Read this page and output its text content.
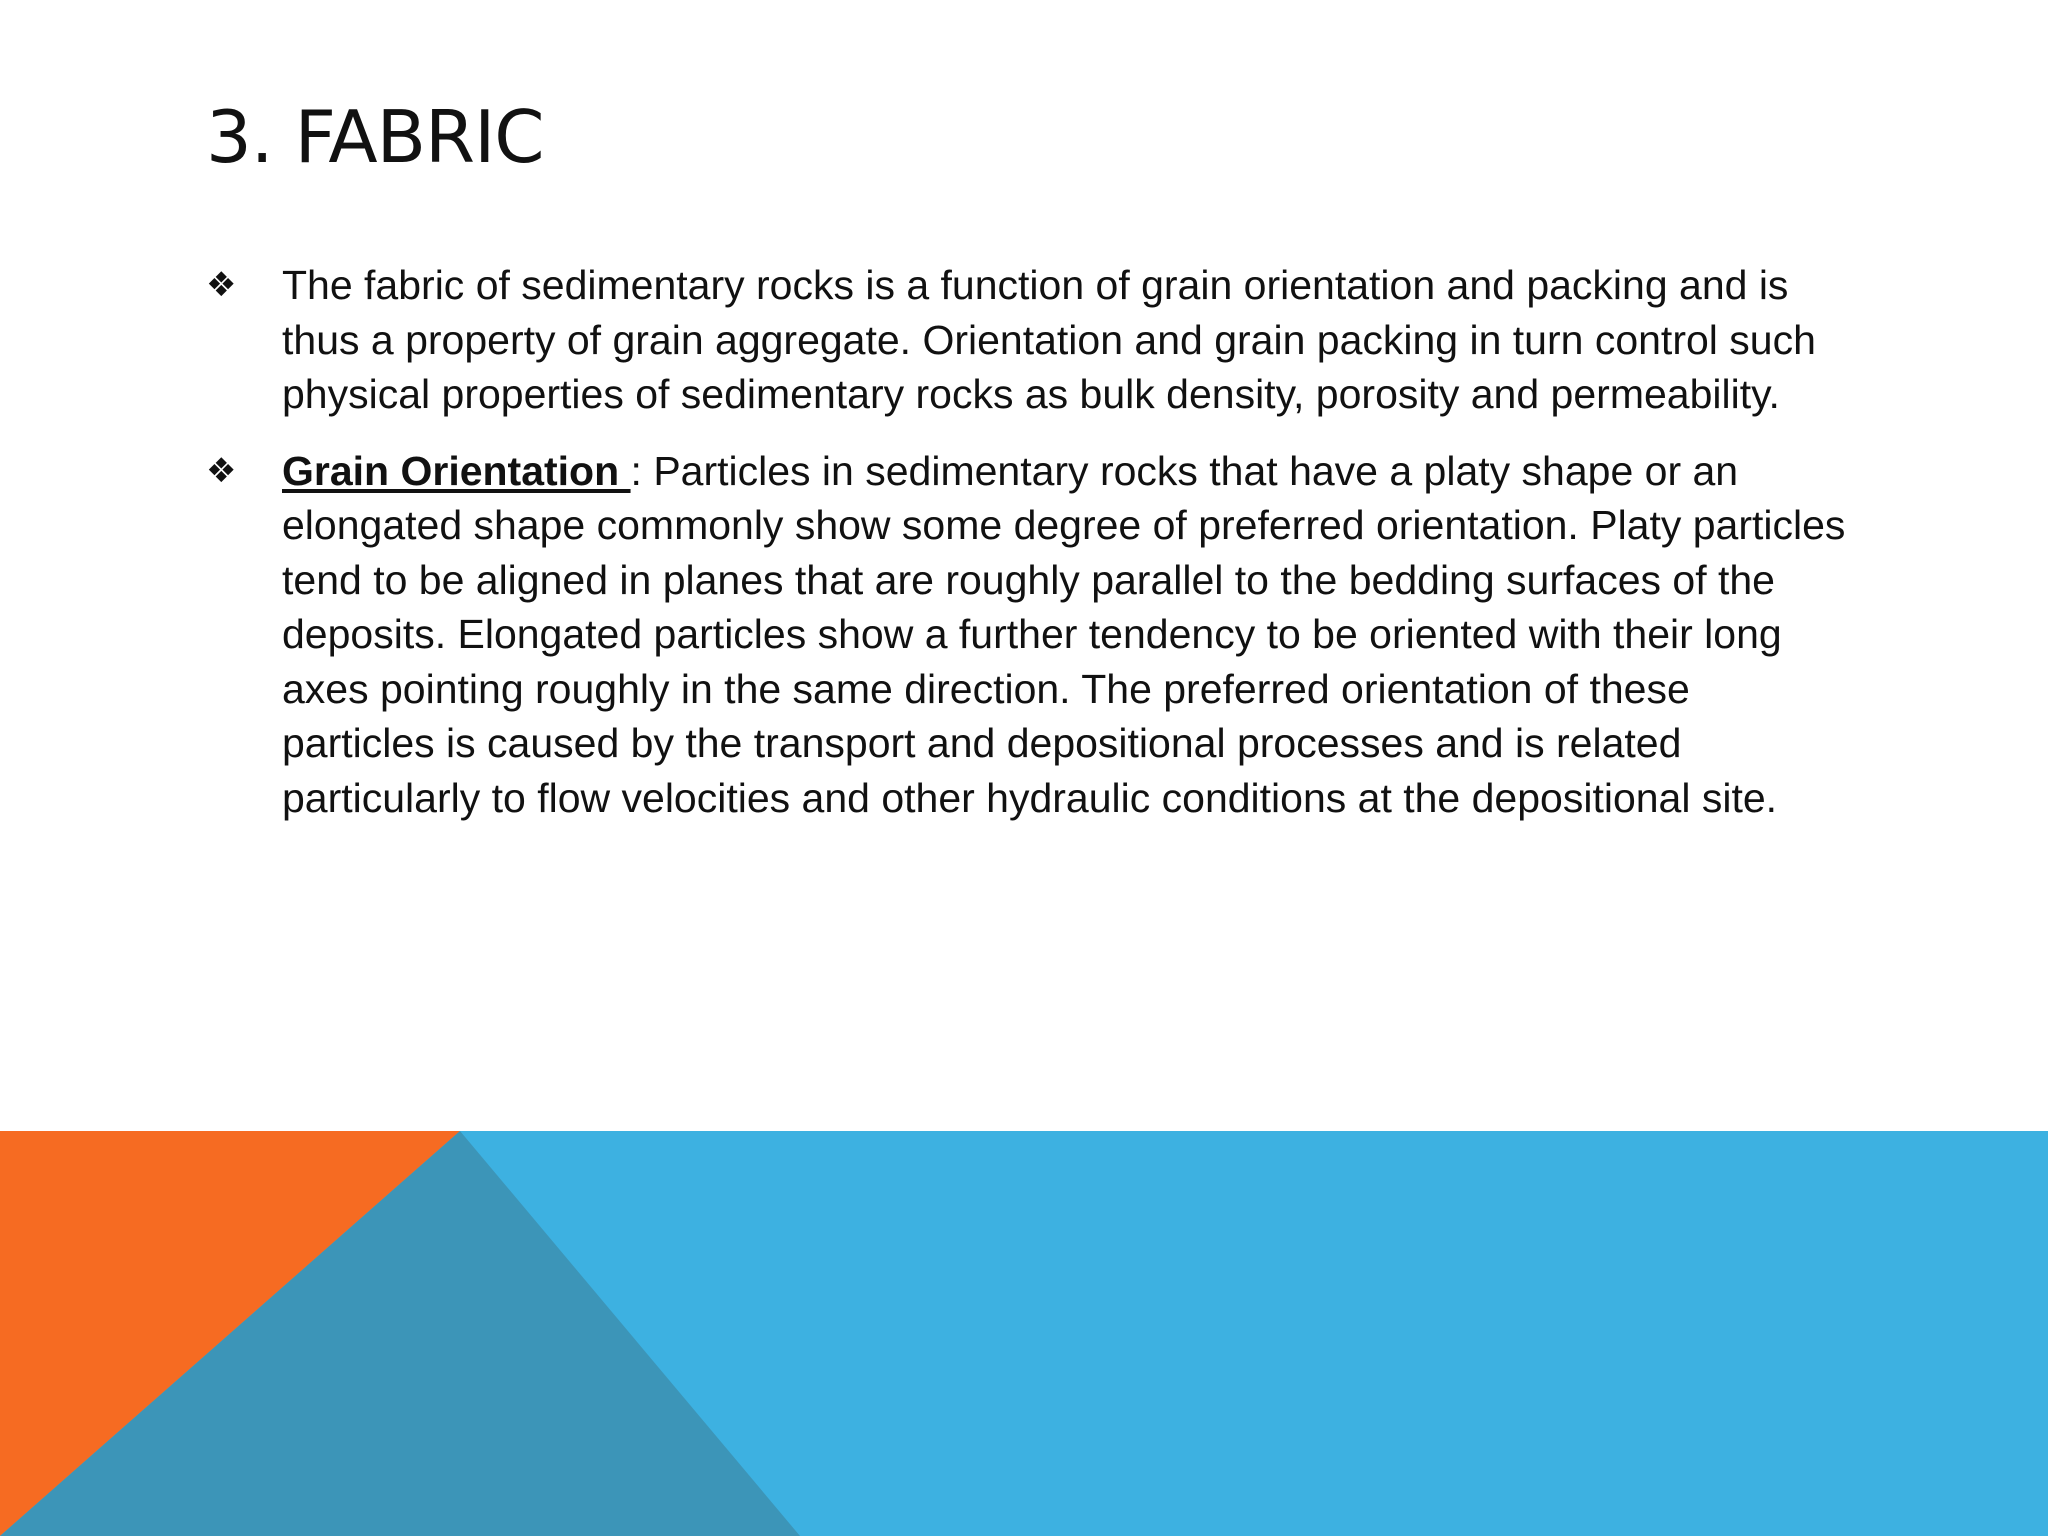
3. FABRIC

❖ The fabric of sedimentary rocks is a function of grain orientation and packing and is thus a property of grain aggregate. Orientation and grain packing in turn control such physical properties of sedimentary rocks as bulk density, porosity and permeability.

❖ Grain Orientation : Particles in sedimentary rocks that have a platy shape or an elongated shape commonly show some degree of preferred orientation. Platy particles tend to be aligned in planes that are roughly parallel to the bedding surfaces of the deposits. Elongated particles show a further tendency to be oriented with their long axes pointing roughly in the same direction. The preferred orientation of these particles is caused by the transport and depositional processes and is related particularly to flow velocities and other hydraulic conditions at the depositional site.
